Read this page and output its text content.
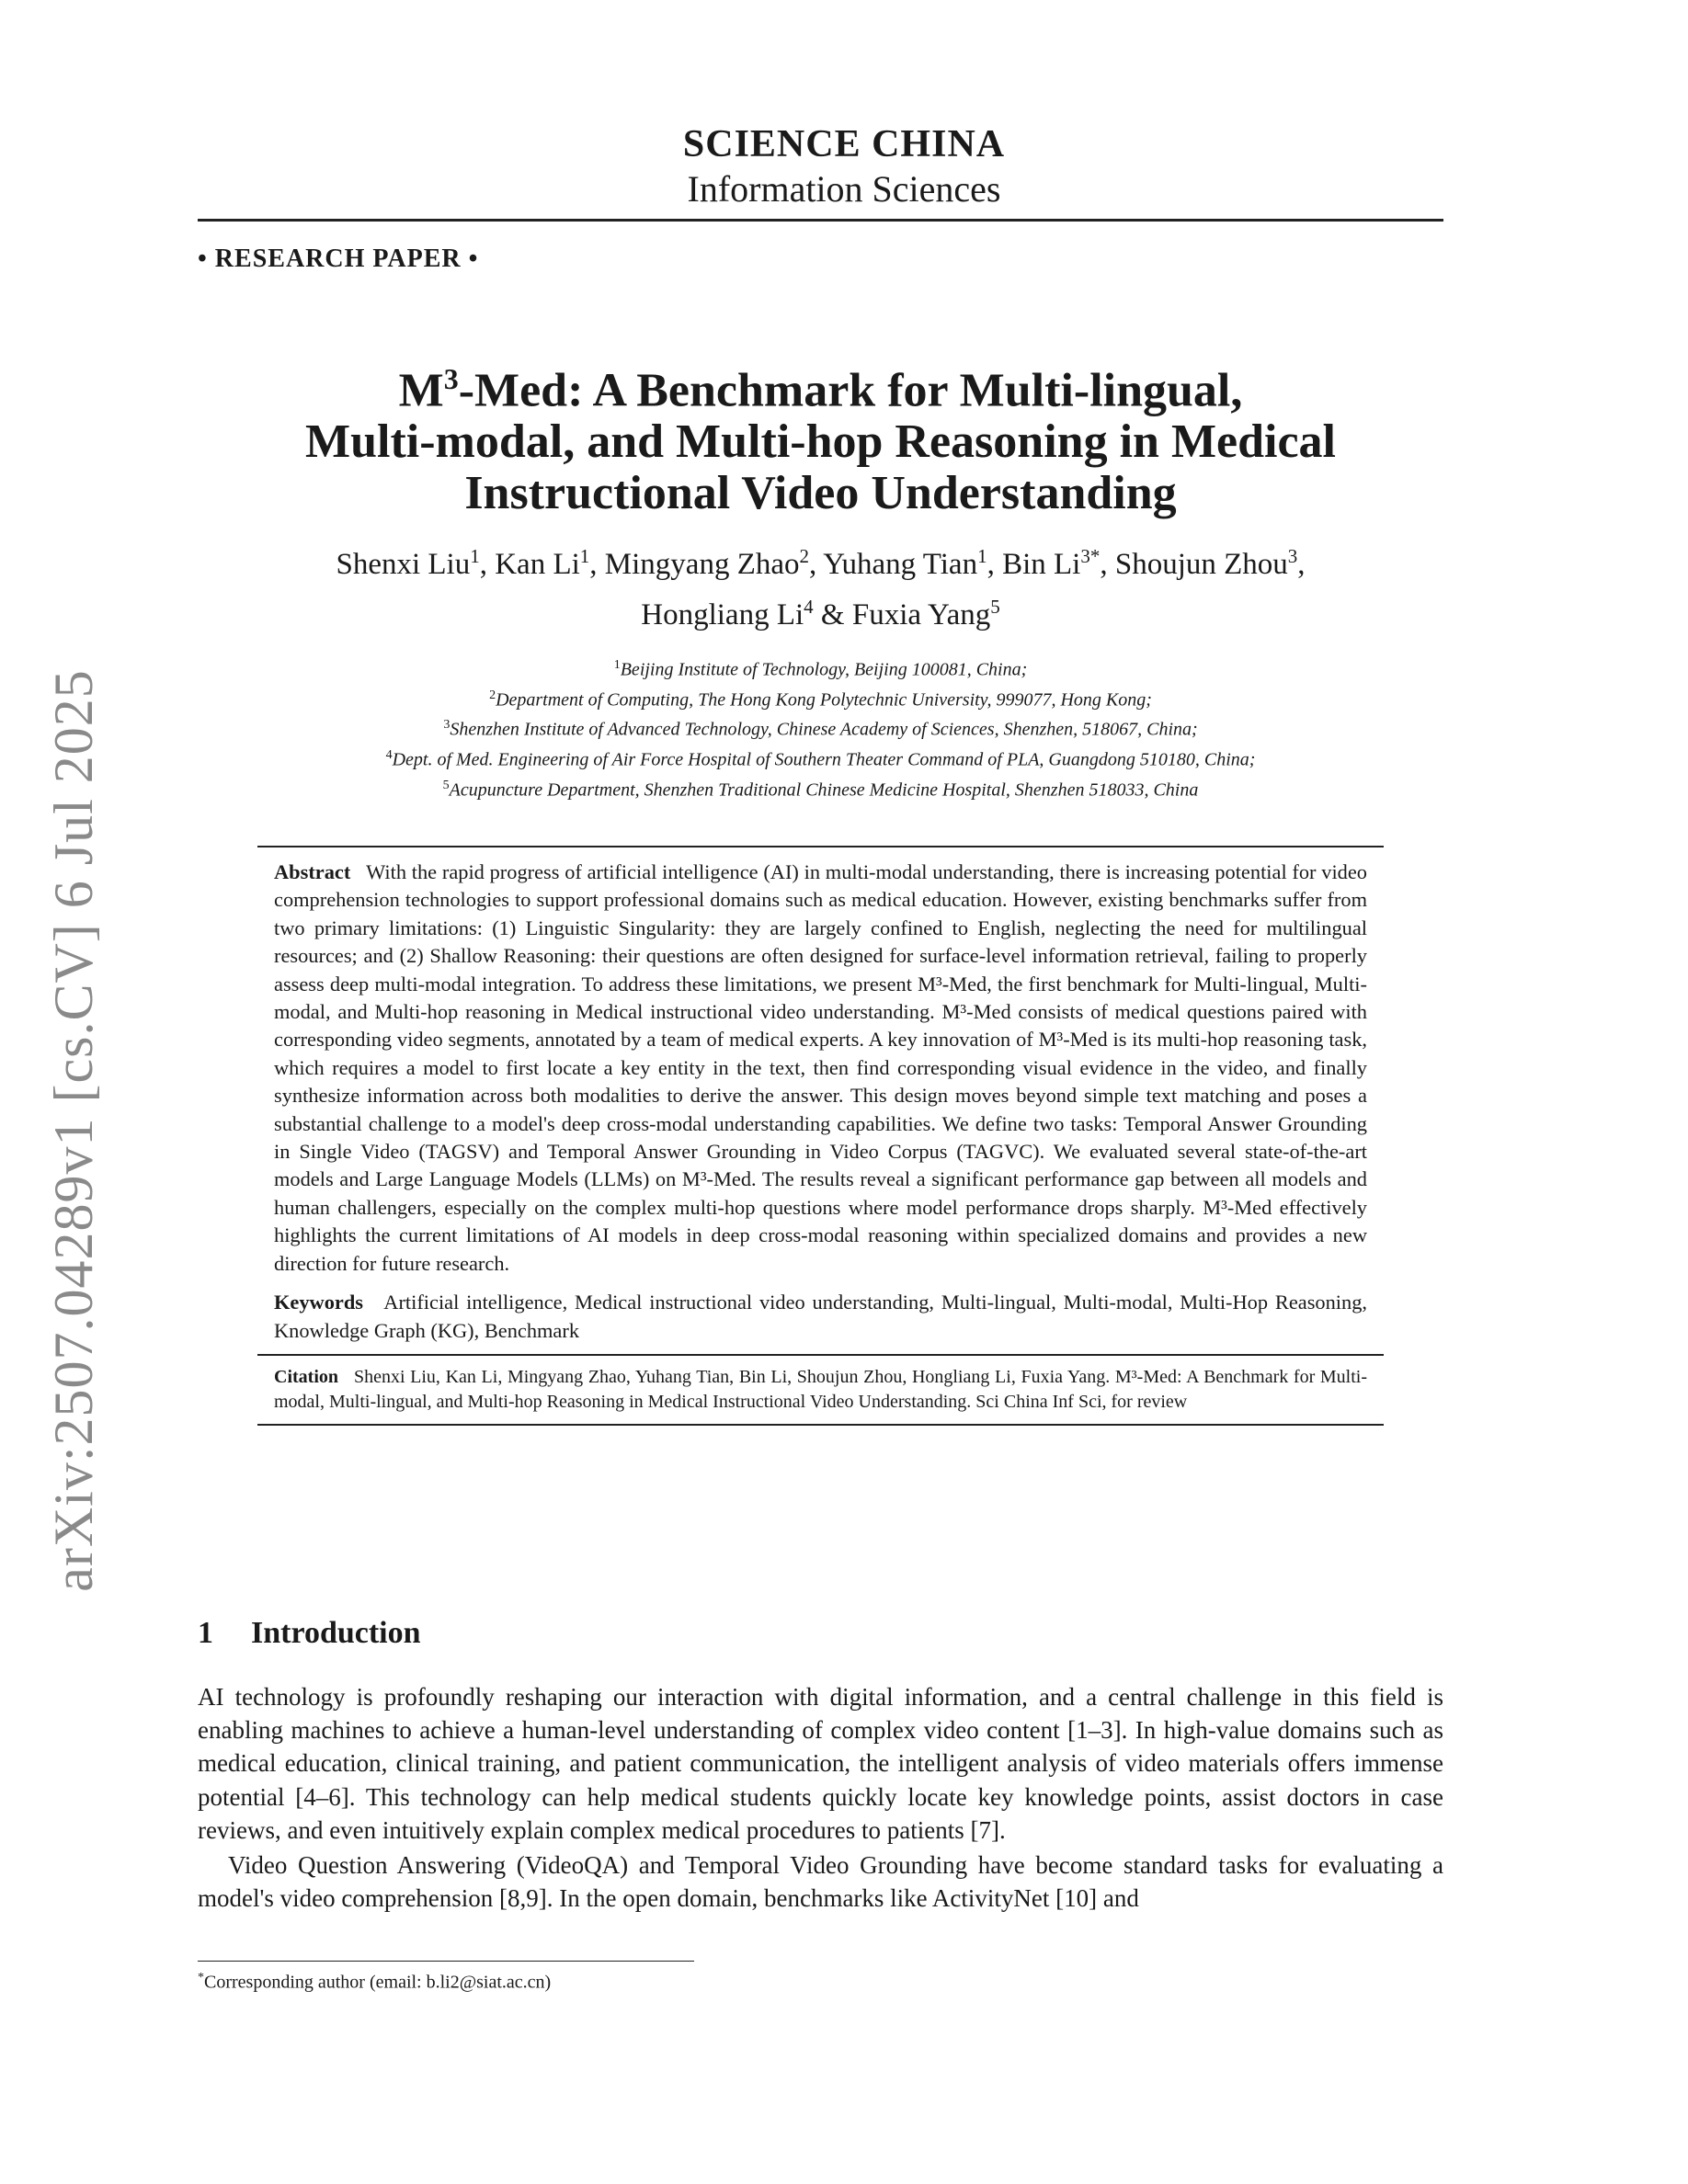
arXiv:2507.04289v1 [cs.CV] 6 Jul 2025
SCIENCE CHINA
Information Sciences
• RESEARCH PAPER •
$M^3$-Med: A Benchmark for Multi-lingual,
Multi-modal, and Multi-hop Reasoning in Medical
Instructional Video Understanding
Shenxi Liu$^1$, Kan Li$^1$, Mingyang Zhao$^2$, Yuhang Tian$^1$, Bin $Li^{3*}$, Shoujun Zhou$^3$,
Hongliang Li$^4$ & Fuxia Yang$^5$
$^1$Beijing Institute of Technology, Beijing 100081, China;
$^2$Department of Computing, The Hong Kong Polytechnic University, 999077, Hong Kong;
$^3$Shenzhen Institute of Advanced Technology, Chinese Academy of Sciences, Shenzhen, 518067, China;
$^4$Dept. of Med. Engineering of Air Force Hospital of Southern Theater Command of PLA, Guangdong 510180, China;
$^5$Acupuncture Department, Shenzhen Traditional Chinese Medicine Hospital, Shenzhen 518033, China
Abstract With the rapid progress of artificial intelligence (AI) in multi-modal understanding, there is increasing potential for video comprehension technologies to support professional domains such as medical education. However, existing benchmarks suffer from two primary limitations: (1) Linguistic Singularity: they are largely confined to English, neglecting the need for multilingual resources; and (2) Shallow Reasoning: their questions are often designed for surface-level information retrieval, failing to properly assess deep multi-modal integration. To address these limitations, we present M³-Med, the first benchmark for Multi-lingual, Multi-modal, and Multi-hop reasoning in Medical instructional video understanding. M³-Med consists of medical questions paired with corresponding video segments, annotated by a team of medical experts. A key innovation of M³-Med is its multi-hop reasoning task, which requires a model to first locate a key entity in the text, then find corresponding visual evidence in the video, and finally synthesize information across both modalities to derive the answer. This design moves beyond simple text matching and poses a substantial challenge to a model's deep cross-modal understanding capabilities. We define two tasks: Temporal Answer Grounding in Single Video (TAGSV) and Temporal Answer Grounding in Video Corpus (TAGVC). We evaluated several state-of-the-art models and Large Language Models (LLMs) on M³-Med. The results reveal a significant performance gap between all models and human challengers, especially on the complex multi-hop questions where model performance drops sharply. M³-Med effectively highlights the current limitations of AI models in deep cross-modal reasoning within specialized domains and provides a new direction for future research.
Keywords Artificial intelligence, Medical instructional video understanding, Multi-lingual, Multi-modal, Multi-Hop Reasoning, Knowledge Graph (KG), Benchmark
Citation Shenxi Liu, Kan Li, Mingyang Zhao, Yuhang Tian, Bin Li, Shoujun Zhou, Hongliang Li, Fuxia Yang. M³-Med: A Benchmark for Multi-modal, Multi-lingual, and Multi-hop Reasoning in Medical Instructional Video Understanding. Sci China Inf Sci, for review
1 Introduction

AI technology is profoundly reshaping our interaction with digital information, and a central challenge in this field is enabling machines to achieve a human-level understanding of complex video content [1–3]. In high-value domains such as medical education, clinical training, and patient communication, the intelligent analysis of video materials offers immense potential [4–6]. This technology can help medical students quickly locate key knowledge points, assist doctors in case reviews, and even intuitively explain complex medical procedures to patients [7].

Video Question Answering (VideoQA) and Temporal Video Grounding have become standard tasks for evaluating a model's video comprehension [8,9]. In the open domain, benchmarks like ActivityNet [10] and

*Corresponding author (email: b.li2@siat.ac.cn)
